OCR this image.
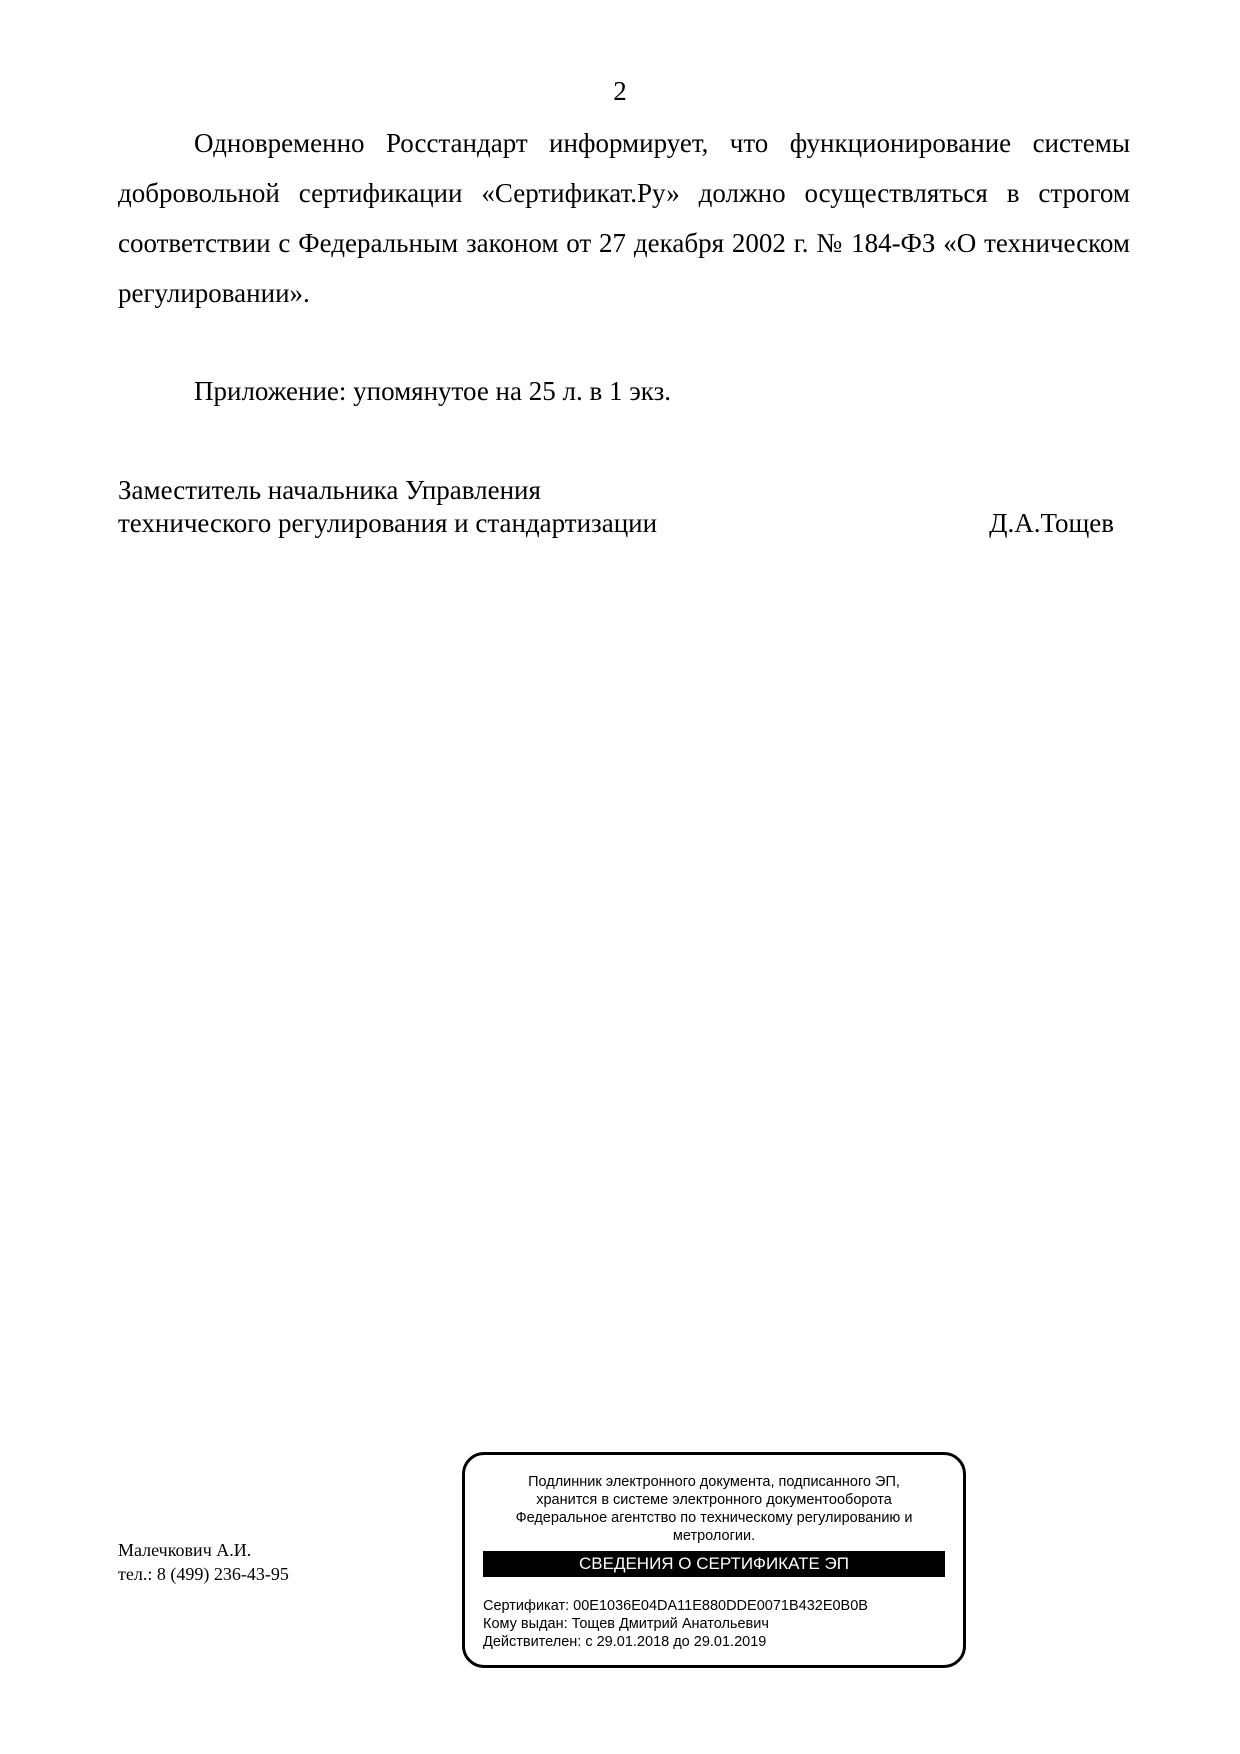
2

Одновременно Росстандарт информирует, что функционирование системы добровольной сертификации «Сертификат.Ру» должно осуществляться в строгом соответствии с Федеральным законом от 27 декабря 2002 г. № 184-ФЗ «О техническом регулировании».

Приложение: упомянутое на 25 л. в 1 экз.
Заместитель начальника Управления
технического регулирования и стандартизации	Д.А.Тощев
Малечкович А.И.
тел.: 8 (499) 236-43-95
Подлинник электронного документа, подписанного ЭП,
хранится в системе электронного документооборота
Федеральное агентство по техническому регулированию и
метрологии.
СВЕДЕНИЯ О СЕРТИФИКАТЕ ЭП
Сертификат: 00E1036E04DA11E880DDE0071B432E0B0B
Кому выдан: Тощев Дмитрий Анатольевич
Действителен: с 29.01.2018 до 29.01.2019
